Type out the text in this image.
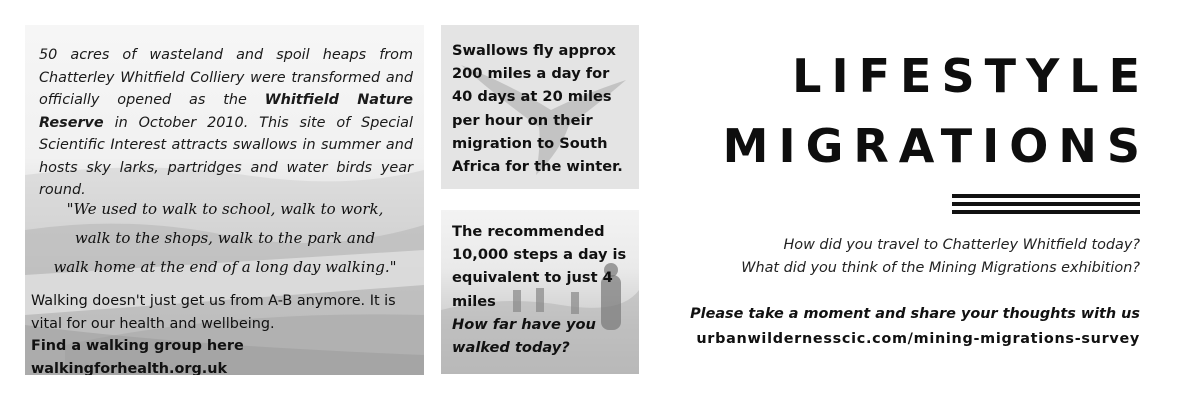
50 acres of wasteland and spoil heaps from Chatterley Whitfield Colliery were transformed and officially opened as the Whitfield Nature Reserve in October 2010. This site of Special Scientific Interest attracts swallows in summer and hosts sky larks, partridges and water birds year round.

"We used to walk to school, walk to work,
walk to the shops, walk to the park and
walk home at the end of a long day walking."
Walking doesn't just get us from A-B anymore. It is vital for our health and wellbeing.
Find a walking group here walkingforhealth.org.uk
Swallows fly approx 200 miles a day for 40 days at 20 miles per hour on their migration to South Africa for the winter.
The recommended 10,000 steps a day is equivalent to just 4 miles
How far have you walked today?
LIFESTYLE
MIGRATIONS
How did you travel to Chatterley Whitfield today?
What did you think of the Mining Migrations exhibition?
Please take a moment and share your thoughts with us
urbanwildernesscic.com/mining-migrations-survey
